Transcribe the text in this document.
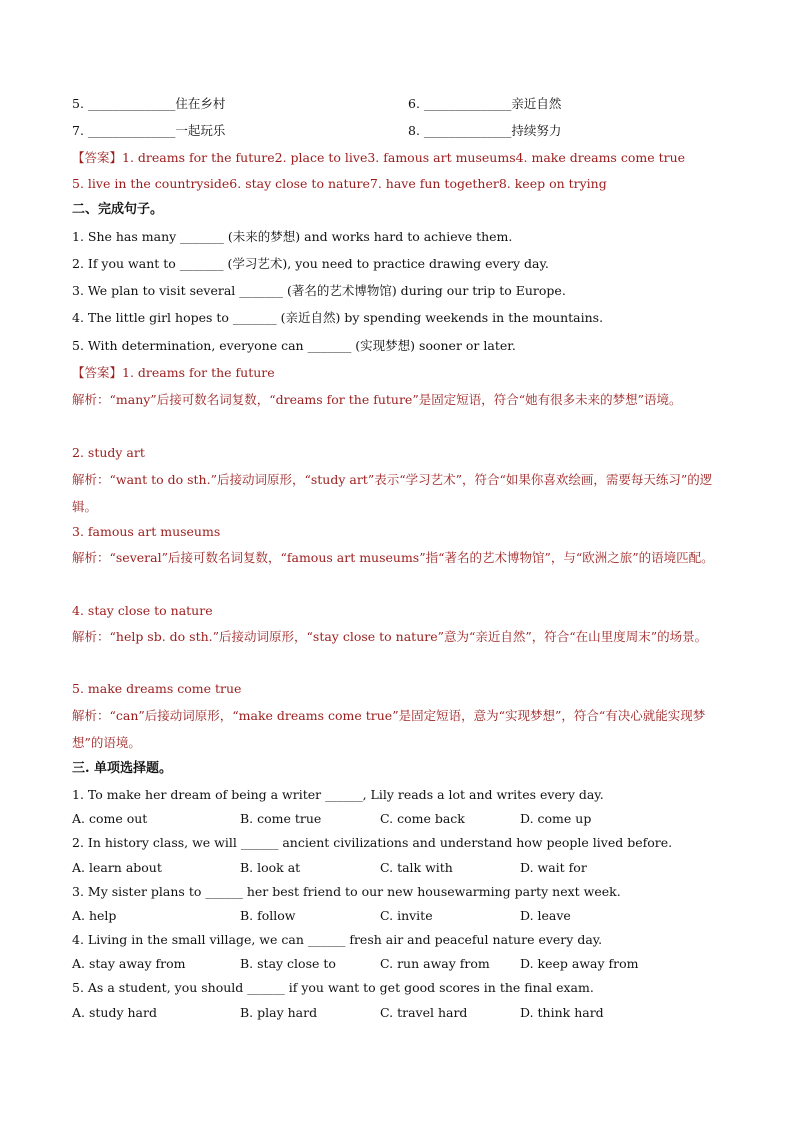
5. ______________住在乡村	6. ______________亲近自然
7. ______________一起玩乐	8. ______________持续努力
【答案】1. dreams for the future2. place to live3. famous art museums4. make dreams come true
5. live in the countryside6. stay close to nature7. have fun together8. keep on trying
二、完成句子。
1. She has many _______ (未来的梦想) and works hard to achieve them.
2. If you want to _______ (学习艺术), you need to practice drawing every day.
3. We plan to visit several _______ (著名的艺术博物馆) during our trip to Europe.
4. The little girl hopes to _______ (亲近自然) by spending weekends in the mountains.
5. With determination, everyone can _______ (实现梦想) sooner or later.
【答案】1. dreams for the future
解析：“many”后接可数名词复数，“dreams for the future”是固定短语，符合“她有很多未来的梦想”语境。
2. study art
解析：“want to do sth.”后接动词原形，“study art”表示“学习艺术”，符合“如果你喜欢绘画，需要每天练习”的逻辑。
3. famous art museums
解析：“several”后接可数名词复数，“famous art museums”指“著名的艺术博物馆”，与“欧洲之旅”的语境匹配。
4. stay close to nature
解析：“help sb. do sth.”后接动词原形，“stay close to nature”意为“亲近自然”，符合“在山里度周末”的场景。
5. make dreams come true
解析：“can”后接动词原形，“make dreams come true”是固定短语，意为“实现梦想”，符合“有决心就能实现梦想”的语境。
三. 单项选择题。
1. To make her dream of being a writer ______, Lily reads a lot and writes every day.
A. come out	B. come true	C. come back	D. come up
2. In history class, we will ______ ancient civilizations and understand how people lived before.
A. learn about	B. look at	C. talk with	D. wait for
3. My sister plans to ______ her best friend to our new housewarming party next week.
A. help	B. follow	C. invite	D. leave
4. Living in the small village, we can ______ fresh air and peaceful nature every day.
A. stay away from	B. stay close to	C. run away from D. keep away from
5. As a student, you should ______ if you want to get good scores in the final exam.
A. study hard	B. play hard	C. travel hard	D. think hard
